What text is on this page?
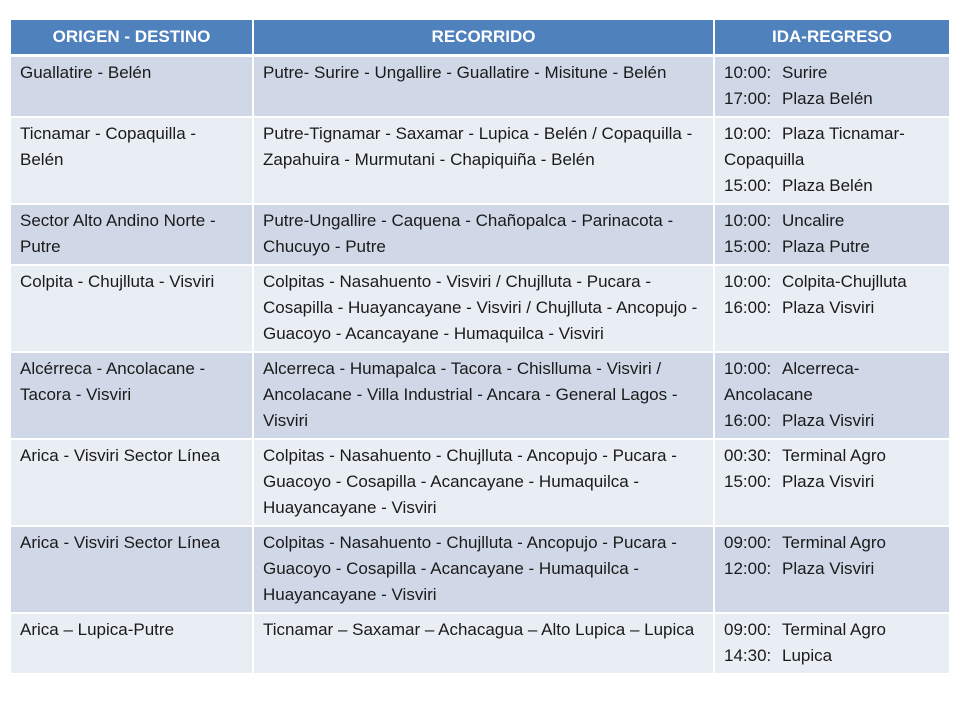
ORIGEN - DESTINO	RECORRIDO	IDA-REGRESO
Guallatire - Belén	Putre- Surire - Ungallire - Guallatire - Misitune - Belén	10:00: Surire
17:00: Plaza Belén

Ticnamar - Copaquilla - Belén	Putre-Tignamar - Saxamar - Lupica - Belén / Copaquilla - Zapahuira - Murmutani - Chapiquiña - Belén	10:00: Plaza Ticnamar-Copaquilla
15:00: Plaza Belén

Sector Alto Andino Norte - Putre	Putre-Ungallire - Caquena - Chañopalca - Parinacota - Chucuyo - Putre	10:00: Uncalire
15:00: Plaza Putre

Colpita - Chujlluta - Visviri	Colpitas - Nasahuento - Visviri / Chujlluta - Pucara - Cosapilla - Huayancayane - Visviri / Chujlluta - Ancopujo - Guacoyo - Acancayane - Humaquilca - Visviri	10:00: Colpita-Chujlluta
16:00: Plaza Visviri

Alcérreca - Ancolacane - Tacora - Visviri	Alcerreca - Humapalca - Tacora - Chislluma - Visviri / Ancolacane - Villa Industrial - Ancara - General Lagos - Visviri	10:00: Alcerreca-Ancolacane
16:00: Plaza Visviri

Arica - Visviri Sector Línea	Colpitas - Nasahuento - Chujlluta - Ancopujo - Pucara - Guacoyo - Cosapilla - Acancayane - Humaquilca - Huayancayane - Visviri	00:30: Terminal Agro
15:00: Plaza Visviri

Arica - Visviri Sector Línea	Colpitas - Nasahuento - Chujlluta - Ancopujo - Pucara - Guacoyo - Cosapilla - Acancayane - Humaquilca - Huayancayane - Visviri	09:00: Terminal Agro
12:00: Plaza Visviri

Arica – Lupica-Putre	Ticnamar – Saxamar – Achacagua – Alto Lupica – Lupica	09:00: Terminal Agro
14:30: Lupica
